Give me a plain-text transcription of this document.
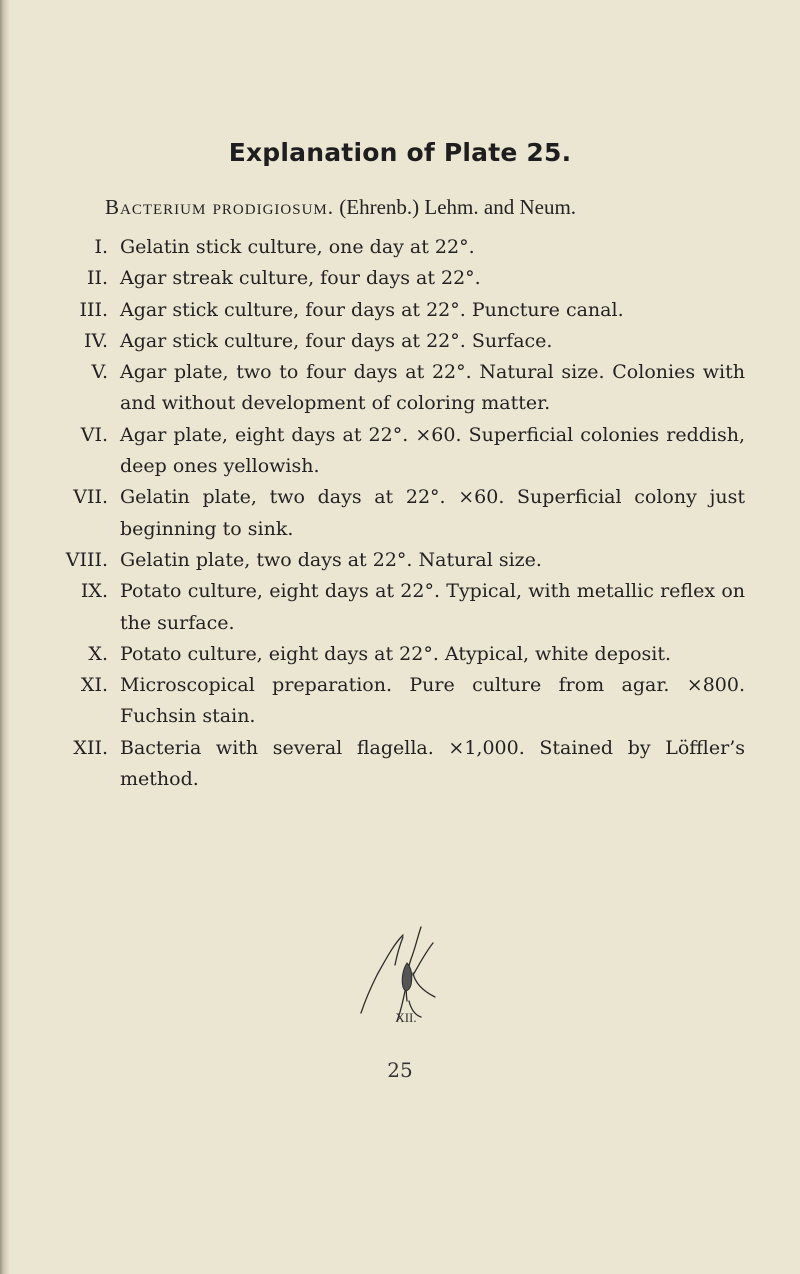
Explanation of Plate 25.
Bacterium prodigiosum. (Ehrenb.) Lehm. and Neum.
I. Gelatin stick culture, one day at 22°.
II. Agar streak culture, four days at 22°.
III. Agar stick culture, four days at 22°. Puncture canal.
IV. Agar stick culture, four days at 22°. Surface.
V. Agar plate, two to four days at 22°. Natural size. Colonies with and without development of coloring matter.
VI. Agar plate, eight days at 22°. ×60. Superficial colonies reddish, deep ones yellowish.
VII. Gelatin plate, two days at 22°. ×60. Superficial colony just beginning to sink.
VIII. Gelatin plate, two days at 22°. Natural size.
IX. Potato culture, eight days at 22°. Typical, with metallic reflex on the surface.
X. Potato culture, eight days at 22°. Atypical, white deposit.
XI. Microscopical preparation. Pure culture from agar. ×800. Fuchsin stain.
XII. Bacteria with several flagella. ×1,000. Stained by Löffler’s method.
XII.
25
